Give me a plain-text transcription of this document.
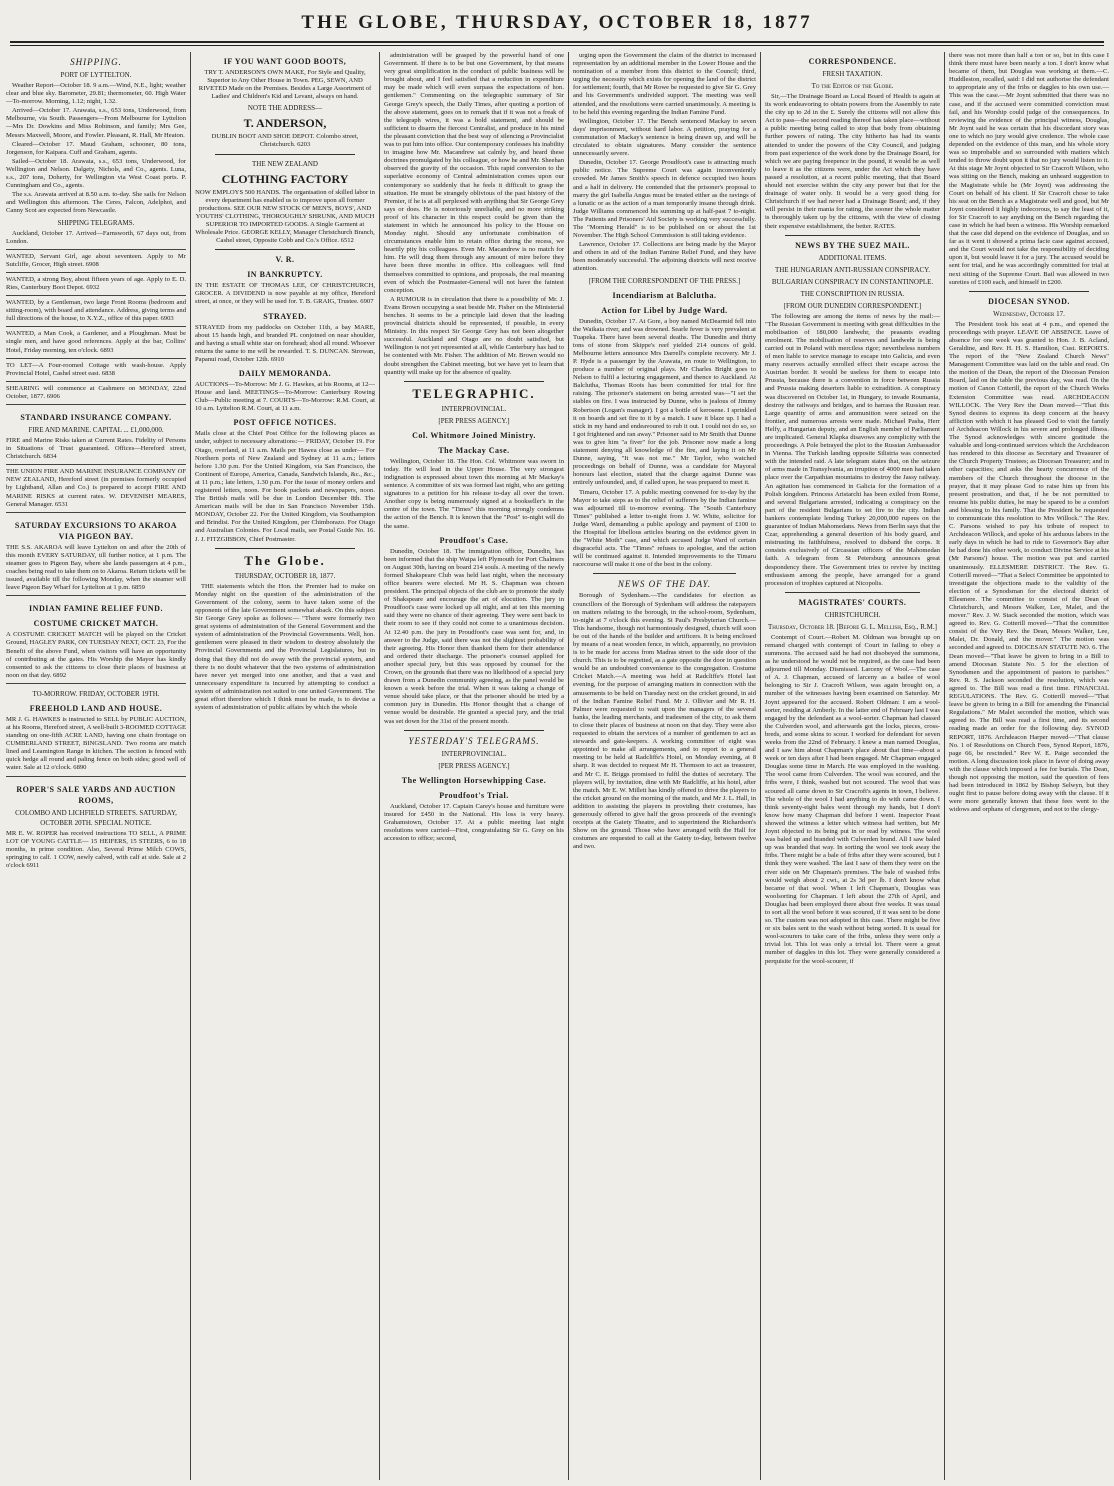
THE GLOBE, THURSDAY, OCTOBER 18, 1877
SHIPPING.
PORT OF LYTTELTON.

Weather Report—October 18. 9 a.m.—Wind, N.E., light; weather clear and blue sky. Barometer, 29.81; thermometer, 60. High Water—To-morrow. Morning, 1.12; night, 1.32.

Arrived—October 17. Arawata, s.s., 653 tons, Underwood, from Melbourne, via South. Passengers—From Melbourne for Lyttelton—Mrs Dr. Dowkins and Miss Robinson, and family; Mrs Gee, Messrs Maxwell, Moore, and Fowler. Pleasant, R. Hall, Mr Heaton.

Cleared—October 17. Maud Graham, schooner, 80 tons, Jorgenson, for Kaipara. Cuff and Graham, agents.

Sailed—October 18. Arawata, s.s., 653 tons, Underwood, for Wellington and Nelson. Dalgety, Nichols, and Co., agents. Luna, s.s., 207 tons, Doherty, for Wellington via West Coast ports. P. Cunningham and Co., agents.

The s.s. Arawata arrived at 8.50 a.m. to-day. She sails for Nelson and Wellington this afternoon. The Ceres, Falcon, Adelphoi, and Canny Scot are expected from Newcastle.

SHIPPING TELEGRAMS.

Auckland, October 17. Arrived—Farnsworth, 67 days out, from London.

WANTED, Servant Girl, age about seventeen. Apply to Mr Sutcliffe, Grocer, High street. 6908

WANTED, a strong Boy, about fifteen years of age. Apply to E. D. Ries, Canterbury Boot Depot. 6932

WANTED, by a Gentleman, two large Front Rooms (bedroom and sitting-room), with board and attendance. Address, giving terms and full directions of the house, to X.Y.Z., office of this paper. 6903

WANTED, a Man Cook, a Gardener, and a Ploughman. Must be single men, and have good references. Apply at the bar, Collins' Hotel, Friday morning, ten o'clock. 6893

TO LET—A Four-roomed Cottage with wash-house. Apply Provincial Hotel, Cashel street east. 6838

SHEARING will commence at Cashmere on MONDAY, 22nd October, 1877. 6906

STANDARD INSURANCE COMPANY.
FIRE AND MARINE. CAPITAL ... £1,000,000.

FIRE and Marine Risks taken at Current Rates. Fidelity of Persons in Situations of Trust guaranteed. Offices—Hereford street, Christchurch. 6834

THE UNION FIRE AND MARINE INSURANCE COMPANY OF NEW ZEALAND, Hereford street (in premises formerly occupied by Lightband, Allan and Co.) is prepared to accept FIRE AND MARINE RISKS at current rates. W. DEVENISH MEARES, General Manager. 6531

SATURDAY EXCURSIONS TO AKAROA VIA PIGEON BAY.

THE S.S. AKAROA will leave Lyttelton on and after the 20th of this month EVERY SATURDAY, till further notice, at 1 p.m. The steamer goes to Pigeon Bay, where she lands passengers at 4 p.m., coaches being read to take them on to Akaroa. Return tickets will be issued, available till the following Monday, when the steamer will leave Pigeon Bay Wharf for Lyttelton at 1 p.m. 6859

INDIAN FAMINE RELIEF FUND.
COSTUME CRICKET MATCH.

A COSTUME CRICKET MATCH will be played on the Cricket Ground, HAGLEY PARK, ON TUESDAY NEXT, OCT. 23, For the Benefit of the above Fund, when visitors will have an opportunity of contributing at the gates. His Worship the Mayor has kindly consented to ask the citizens to close their places of business at noon on that day. 6892

TO-MORROW. FRIDAY, OCTOBER 19TH.
FREEHOLD LAND AND HOUSE.

MR J. G. HAWKES is instructed to SELL by PUBLIC AUCTION, at his Rooms, Hereford street, A well-built 3-ROOMED COTTAGE standing on one-fifth ACRE LAND, having one chain frontage on CUMBERLAND STREET, BINGSLAND. Two rooms are match lined and Leamington Range in kitchen. The section is fenced with quick hedge all round and paling fence on both sides; good well of water. Sale at 12 o'clock. 6890

ROPER'S SALE YARDS AND AUCTION ROOMS,
COLOMBO AND LICHFIELD STREETS. SATURDAY, OCTOBER 20TH. SPECIAL NOTICE.

MR E. W. ROPER has received instructions TO SELL, A PRIME LOT OF YOUNG CATTLE— 15 HEIFERS, 15 STEERS, 6 to 18 months, in prime condition. Also, Several Prime Milch COWS, springing to calf. 1 COW, newly calved, with calf at side. Sale at 2 o'clock 6911

IF YOU WANT GOOD BOOTS,

TRY T. ANDERSON'S OWN MAKE, For Style and Quality, Superior to Any Other House in Town. PEG, SEWN, AND RIVETED Made on the Premises. Besides a Large Assortment of Ladies' and Children's Kid and Levant, always on hand.

NOTE THE ADDRESS—
T. ANDERSON,

DUBLIN BOOT AND SHOE DEPOT. Colombo street, Christchurch. 6203

THE NEW ZEALAND
CLOTHING FACTORY

NOW EMPLOYS 500 HANDS. The organisation of skilled labor in every department has enabled us to improve upon all former productions. SEE OUR NEW STOCK OF MEN'S, BOYS', AND YOUTHS' CLOTHING, THOROUGHLY SHRUNK, AND MUCH SUPERIOR TO IMPORTED GOODS. A Single Garment at Wholesale Price. GEORGE KELLY, Manager Christchurch Branch, Cashel street, Opposite Cobb and Co.'s Office. 6512

V. R.
IN BANKRUPTCY.

IN THE ESTATE OF THOMAS LEE, OF CHRISTCHURCH, GROCER. A DIVIDEND is now payable at my office, Hereford street, at once, or they will be used for. T. B. GRAIG, Trustee. 6907

STRAYED.

STRAYED from my paddocks on October 11th, a bay MARE, about 15 hands high, and branded PL conjoined on near shoulder, and having a small white star on forehead; shod all round. Whoever returns the same to me will be rewarded. T. S. DUNCAN. Strowan, Papanui road, October 12th. 6910

DAILY MEMORANDA.

AUCTIONS—To-Morrow: Mr J. G. Hawkes, at his Rooms, at 12—House and land. MEETINGS—To-Morrow: Canterbury Rowing Club—Public meeting at 7. COURTS—To-Morrow: R.M. Court, at 10 a.m. Lyttelton R.M. Court, at 11 a.m.

POST OFFICE NOTICES.

Mails close at the Chief Post Office for the following places as under, subject to necessary alterations:— FRIDAY, October 19. For Otago, overland, at 11 a.m. Mails per Hawea close as under— For Northern ports of New Zealand and Sydney at 11 a.m.; letters before 1.30 p.m. For the United Kingdom, via San Francisco, the Continent of Europe, America, Canada, Sandwich Islands, &c., &c., at 11 p.m.; late letters, 1.30 p.m. For the issue of money orders and registered letters, noon. For book packets and newspapers, noon. The British mails will be due in London December 8th. The American mails will be due in San Francisco November 15th. MONDAY, October 22. For the United Kingdom, via Southampton and Brindisi. For the United Kingdom, per Chimborazo. For Otago and Australian Colonies. For Local mails, see Postal Guide No. 16. J. J. FITZGIBBON, Chief Postmaster.

The Globe.
THURSDAY, OCTOBER 18, 1877.

THE statements which the Hon. the Premier had to make on Monday night on the question of the administration of the Government of the colony, seem to have taken some of the opponents of the late Government somewhat aback. On this subject Sir George Grey spoke as follows:— "There were formerly two great systems of administration of the General Government and the system of administration of the Provincial Governments. Well, hon. gentlemen were pleased in their wisdom to destroy absolutely the Provincial Governments and the Provincial Legislatures, but in doing that they did not do away with the provincial system, and there is no doubt whatever that the two systems of administration have never yet merged into one another, and that a vast and unnecessary expenditure is incurred by attempting to conduct a system of administration not suited to one united Government. The great effort therefore which I think must be made, is to devise a system of administration of public affairs by which the whole

administration will be grasped by the powerful hand of one Government. If there is to be but one Government, by that means very great simplification in the conduct of public business will be brought about, and I feel satisfied that a reduction in expenditure may be made which will even surpass the expectations of hon. gentlemen." Commenting on the telegraphic summary of Sir George Grey's speech, the Daily Times, after quoting a portion of the above statement, goes on to remark that if it was not a freak of the telegraph wires, it was a bold statement, and should be sufficient to disarm the fiercest Centralist, and produce in his mind the pleasant conviction that the best way of silencing a Provincialist was to put him into office. Our contemporary confesses his inability to imagine how Mr. Macandrew sat calmly by, and heard these doctrines promulgated by his colleague, or how he and Mr. Sheehan observed the gravity of the occasion. This rapid conversion to the superlative economy of Central administration comes upon our contemporary so suddenly that he feels it difficult to grasp the situation. He must be strangely oblivious of the past history of the Premier, if he is at all perplexed with anything that Sir George Grey says or does. He is notoriously unreliable, and no more striking proof of his character in this respect could be given than the statement in which he announced his policy to the House on Monday night. Should any unfortunate combination of circumstances enable him to retain office during the recess, we heartily pity his colleagues. Even Mr. Macandrew is no match for him. He will drag them through any amount of mire before they have been three months in office. His colleagues will find themselves committed to opinions, and proposals, the real meaning even of which the Postmaster-General will not have the faintest conception.

A RUMOUR is in circulation that there is a possibility of Mr. J. Evans Brown occupying a seat beside Mr. Fisher on the Ministerial benches. It seems to be a principle laid down that the leading provincial districts should be represented, if possible, in every Ministry. In this respect Sir George Grey has not been altogether successful. Auckland and Otago are no doubt satisfied, but Wellington is not yet represented at all, while Canterbury has had to be contented with Mr. Fisher. The addition of Mr. Brown would no doubt strengthen the Cabinet meeting, but we have yet to learn that quantity will make up for the absence of quality.

TELEGRAPHIC.
INTERPROVINCIAL.
[PER PRESS AGENCY.]
Col. Whitmore Joined Ministry.
The Mackay Case.

Wellington, October 18. The Hon. Col. Whitmore was sworn in today. He will lead in the Upper House. The very strongest indignation is expressed about town this morning at Mr Mackay's sentence. A committee of six was formed last night, who are getting signatures to a petition for his release to-day all over the town. Another copy is being numerously signed at a bookseller's in the centre of the town. The "Times" this morning strongly condemns the action of the Bench. It is known that the "Post" to-night will do the same.

Proudfoot's Case.

Dunedin, October 18. The immigration officer, Dunedin, has been informed that the ship Waipa left Plymouth for Port Chalmers on August 30th, having on board 214 souls. A meeting of the newly formed Shakspeare Club was held last night, when the necessary office bearers were elected. Mr H. S. Chapman was chosen president. The principal objects of the club are to promote the study of Shakspeare and encourage the art of elocution. The jury in Proudfoot's case were locked up all night, and at ten this morning said they were no chance of their agreeing. They were sent back to their room to see if they could not come to a unanimous decision. At 12.40 p.m. the jury in Proudfoot's case was sent for, and, in answer to the Judge, said there was not the slightest probability of their agreeing. His Honor then thanked them for their attendance and ordered their discharge. The prisoner's counsel applied for another special jury, but this was opposed by counsel for the Crown, on the grounds that there was no likelihood of a special jury drawn from a Dunedin community agreeing, as the panel would be known a week before the trial. When it was taking a change of venue should take place, or that the prisoner should be tried by a common jury in Dunedin. His Honor thought that a change of venue would be desirable. He granted a special jury, and the trial was set down for the 31st of the present month.

YESTERDAY'S TELEGRAMS.
INTERPROVINCIAL.
[PER PRESS AGENCY.]
The Wellington Horsewhipping Case.
Proudfoot's Trial.

Auckland, October 17. Captain Carey's house and furniture were insured for £450 in the National. His loss is very heavy. Grahamstown, October 17. At a public meeting last night resolutions were carried—First, congratulating Sir G. Grey on his accession to office; second,

urging upon the Government the claim of the district to increased representation by an additional member in the Lower House and the nomination of a member from this district to the Council; third, urging the necessity which exists for opening the land of the district for settlement; fourth, that Mr Rowe be requested to give Sir G. Grey and his Government's undivided support. The meeting was well attended, and the resolutions were carried unanimously. A meeting is to be held this evening regarding the Indian Famine Fund.

Wellington, October 17. The Bench sentenced Mackay to seven days' imprisonment, without hard labor. A petition, praying for a commutation of Mackay's sentence is being drawn up, and will be circulated to obtain signatures. Many consider the sentence unnecessarily severe.

Dunedin, October 17. George Proudfoot's case is attracting much public notice. The Supreme Court was again inconveniently crowded. Mr James Smith's speech in defence occupied two hours and a half in delivery. He contended that the prisoner's proposal to marry the girl Isabella Angus must be treated either as the ravings of a lunatic or as the action of a man temporarily insane through drink. Judge Williams commenced his summing up at half-past 7 to-night. The Patients and Prisoners' Aid Society is working very successfully. The "Morning Herald" is to be published on or about the 1st November. The High School Commission is still taking evidence.

Lawrence, October 17. Collections are being made by the Mayor and others in aid of the Indian Famine Relief Fund, and they have been moderately successful. The adjoining districts will next receive attention.

[FROM THE CORRESPONDENT OF THE PRESS.]
Incendiarism at Balclutha.
Action for Libel by Judge Ward.

Dunedin, October 17. At Gore, a boy named McDearmid fell into the Waikaia river, and was drowned. Searle fever is very prevalent at Tuapeka. There have been several deaths. The Dunedin and thirty tons of stone from Skippe's reef yielded 214 ounces of gold. Melbourne letters announce Mrs Darrell's complete recovery. Mr J. P. Hyde is a passenger by the Arawata, en route to Wellington, to produce a number of original plays. Mr Charles Bright goes to Nelson to fulfil a lecturing engagement, and thence to Auckland. At Balclutha, Thomas Roots has been committed for trial for fire raising. The prisoner's statement on being arrested was—"I set the stables on fire. I was instructed by Dunne, who is jealous of Jimmy Robertson (Logan's manager). I got a bottle of kerosene. I sprinkled it on boards and set fire to it by a match. I saw it blaze up. I had a stick in my hand and endeavoured to rub it out. I could not do so, so I got frightened and ran away." Prisoner said to Mr Smith that Dunne was to give him "a fiver" for the job. Prisoner now made a long statement denying all knowledge of the fire, and laying it on Mr Dunne, saying, "It was not me." Mr Taylor, who watched proceedings on behalf of Dunne, was a candidate for Mayoral honours last election, stated that the charge against Dunne was entirely unfounded, and, if called upon, he was prepared to meet it.

Timaru, October 17. A public meeting convened for to-day by the Mayor to take steps as to the relief of sufferers by the Indian famine was adjourned till to-morrow evening. The "South Canterbury Times" published a letter to-night from J. W. White, solicitor for Judge Ward, demanding a public apology and payment of £100 to the Hospital for libellous articles bearing on the evidence given in the "White Moth" case, and which accused Judge Ward of certain disgraceful acts. The "Times" refuses to apologise, and the action will be continued against it. Intended improvements to the Timaru racecourse will make it one of the best in the colony.

NEWS OF THE DAY.

Borough of Sydenham.—The candidates for election as councillors of the Borough of Sydenham will address the ratepayers on matters relating to the borough, in the school-room, Sydenham, to-night at 7 o'clock this evening. St Paul's Presbyterian Church.—This handsome, though not harmoniously designed, church will soon be out of the hands of the builder and artificers. It is being enclosed by means of a neat wooden fence, in which, apparently, no provision is to be made for access from Madras street to the side door of the church. This is to be regretted, as a gate opposite the door in question would be an undoubted convenience to the congregation. Costume Cricket Match.—A meeting was held at Radcliffe's Hotel last evening, for the purpose of arranging matters in connection with the amusements to be held on Tuesday next on the cricket ground, in aid of the Indian Famine Relief Fund. Mr J. Ollivier and Mr R. H. Palmer were requested to wait upon the managers of the several banks, the leading merchants, and tradesmen of the city, to ask them to close their places of business at noon on that day. They were also requested to obtain the services of a number of gentlemen to act as stewards and gate-keepers. A working committee of eight was appointed to make all arrangements, and to report to a general meeting to be held at Radcliffe's Hotel, on Monday evening, at 8 sharp. It was decided to request Mr H. Thomson to act as treasurer, and Mr C. E. Briggs promised to fulfil the duties of secretary. The players will, by invitation, dine with Mr Radcliffe, at his hotel, after the match. Mr E. W. Millett has kindly offered to drive the players to the cricket ground on the morning of the match, and Mr J. L. Hall, in addition to assisting the players in providing their costumes, has generously offered to give half the gross proceeds of the evening's receipts at the Gaiety Theatre, and to superintend the Richardson's Show on the ground. Those who have arranged with the Hall for costumes are requested to call at the Gaiety to-day, between twelve and two.

CORRESPONDENCE.
FRESH TAXATION.
To the Editor of the Globe.

Sir,—The Drainage Board as Local Board of Health is again at its work endeavoring to obtain powers from the Assembly to rate the city up to 2d in the £. Surely the citizens will not allow this Act to pass—the second reading thereof has taken place—without a public meeting being called to stop that body from obtaining further powers of rating. The city hitherto has had its wants attended to under the powers of the City Council, and judging from past experience of the work done by the Drainage Board, for which we are paying freepence in the pound, it would be as well to leave it as the citizens were, under the Act which they have passed a resolution, at a recent public meeting, that that Board should not exercise within the city any power but that for the drainage of water only. It would be a very good thing for Christchurch if we had never had a Drainage Board; and, if they will persist in their mania for rating, the sooner the whole matter is thoroughly taken up by the citizens, with the view of closing their expensive establishment, the better. RATES.

NEWS BY THE SUEZ MAIL.
ADDITIONAL ITEMS.
THE HUNGARIAN ANTI-RUSSIAN CONSPIRACY.
BULGARIAN CONSPIRACY IN CONSTANTINOPLE.
THE CONSCRIPTION IN RUSSIA.
[FROM OUR DUNEDIN CORRESPONDENT.]

The following are among the items of news by the mail:— "The Russian Government is meeting with great difficulties in the mobilisation of 180,000 landwehr, the peasants evading enrolment. The mobilisation of reserves and landwehr is being carried out in Poland with merciless rigor; nevertheless numbers of men liable to service manage to escape into Galicia, and even many reserves actually enrolled effect their escape across the Austrian border. It would be useless for them to escape into Prussia, because there is a convention in force between Russia and Prussia making deserters liable to extradition. A conspiracy was discovered on October 1st, in Hungary, to invade Roumania, destroy the railways and bridges, and to harrass the Russian rear. Large quantity of arms and ammunition were seized on the frontier, and numerous arrests were made. Michael Pasha, Herr Helfy, a Hungarian deputy, and an English member of Parliament are implicated. General Klapka disavows any complicity with the proceedings. A Pole betrayed the plot to the Russian Ambassador in Vienna. The Turkish landing opposite Silistria was connected with the intended raid. A late telegram states that, on the seizure of arms made in Transylvania, an irruption of 4000 men had taken place over the Carpathian mountains to destroy the Jassy railway. An agitation has commenced in Galicia for the formation of a Polish kingdom. Princess Aristarchi has been exiled from Rome, and several Bulgarians arrested, indicating a conspiracy on the part of the resident Bulgarians to set fire to the city. Indian bankers contemplate lending Turkey 20,000,000 rupees on the guarantee of Indian Mahomedans. News from Berlin says that the Czar, apprehending a general desertion of his body guard, and mistrusting its faithfulness, resolved to disband the corps. It consists exclusively of Circassian officers of the Mahomedan faith. A telegram from St Petersburg announces great despondency there. The Government tries to revive by inciting enthusiasm among the people, have arranged for a grand procession of trophies captured at Nicopolis.

MAGISTRATES' COURTS.
CHRISTCHURCH.
Thursday, October 18. [Before G. L. Mellish, Esq., R.M.]

Contempt of Court.—Robert M. Oldman was brought up on remand charged with contempt of Court in failing to obey a summons. The accused said he had not disobeyed the summons, as he understood he would not be required, as the case had been adjourned till Monday. Dismissed. Larceny of Wool.—The case of A. J. Chapman, accused of larceny as a bailee of wool belonging to Sir J. Cracroft Wilson, was again brought on, a number of the witnesses having been examined on Saturday. Mr Joynt appeared for the accused. Robert Oldman: I am a wool-sorter, residing at Amberly. In the latter end of February last I was engaged by the defendant as a wool-sorter. Chapman had classed the Culverden wool, and afterwards got the locks, pieces, cross-breds, and some skins to scour. I worked for defendant for seven weeks from the 22nd of February. I knew a man named Douglas, and I saw him about Chapman's place about that time—about a week or ten days after I had been engaged. Mr Chapman engaged Douglas some time in March. He was employed in the washing. The wool came from Culverden. The wool was scoured, and the fribs were, I think, washed but not scoured. The wool that was scoured all came down to Sir Cracroft's agents in town, I believe. The whole of the wool I had anything to do with came down. I think seventy-eight bales went through my hands, but I don't know how many Chapman did before I went. Inspector Feast showed the witness a letter which witness had written, but Mr Joynt objected to its being put in or read by witness. The wool was baled up and branded with Culverden brand. All I saw baled up was branded that way. In sorting the wool we took away the fribs. There might be a bale of fribs after they were scoured, but I think they were washed. The last I saw of them they were on the river side on Mr Chapman's premises. The bale of washed fribs would weigh about 2 cwt., at 2s 3d per lb. I don't know what became of that wool. When I left Chapman's, Douglas was woolsorting for Chapman. I left about the 27th of April, and Douglas had been employed there about five weeks. It was usual to sort all the wool before it was scoured, if it was sent to be done so. The custom was not adopted in this case. There might be five or six bales sent to the wash without being sorted. It is usual for wool-scourers to take care of the fribs, unless they were only a trivial lot. This lot was only a trivial lot. There were a great number of daggles in this lot. They were generally considered a perquisite for the wool-scourer, if

there was not more than half a ton or so, but in this case I think there must have been nearly a ton. I don't know what became of them, but Douglas was working at them.—C. Huddleston, recalled, said: I did not authorise the defendant to appropriate any of the fribs or daggles to his own use.—This was the case.—Mr Joynt submitted that there was no case, and if the accused were committed conviction must fail, and his Worship could judge of the consequences. In reviewing the evidence of the principal witness, Douglas, Mr Joynt said he was certain that his discordant story was one to which no jury would give credence. The whole case depended on the evidence of this man, and his whole story was so improbable and so surrounded with matters which tended to throw doubt upon it that no jury would listen to it. At this stage Mr Joynt objected to Sir Cracroft Wilson, who was sitting on the Bench, making an unheard suggestion to the Magistrate while he (Mr Joynt) was addressing the Court on behalf of his client. If Sir Cracroft chose to take his seat on the Bench as a Magistrate well and good, but Mr Joynt considered it highly indecorous, to say the least of it, for Sir Cracroft to say anything on the Bench regarding the case in which he had been a witness. His Worship remarked that the case did depend on the evidence of Douglas, and so far as it went it showed a prima facie case against accused, and the Court would not take the responsibility of deciding upon it, but would leave it for a jury. The accused would be sent for trial, and he was accordingly committed for trial at next sitting of the Supreme Court. Bail was allowed in two sureties of £100 each, and himself in £200.

DIOCESAN SYNOD.
Wednesday, October 17.

The President took his seat at 4 p.m., and opened the proceedings with prayer. LEAVE OF ABSENCE. Leave of absence for one week was granted to Hon. J. B. Acland, Geraldine, and Rev. H. H. S. Hamilton, Cust. REPORTS. The report of the "New Zealand Church News" Management Committee was laid on the table and read. On the motion of the Dean, the report of the Diocesan Pension Board, laid on the table the previous day, was read. On the motion of Canon Cotterill, the report of the Church Works Extension Committee was read. ARCHDEACON WILLOCK. The Very Rev the Dean moved—"That this Synod desires to express its deep concern at the heavy affliction with which it has pleased God to visit the family of Archdeacon Willock in his severe and prolonged illness. The Synod acknowledges with sincere gratitude the valuable and long-continued services which the Archdeacon has rendered to this diocese as Secretary and Treasurer of the Church Property Trustees; as Diocesan Treasurer; and in other capacities; and asks the hearty concurrence of the members of the Church throughout the diocese in the prayer, that it may please God to raise him up from his present prostration, and that, if he be not permitted to resume his public duties, he may be spared to be a comfort and blessing to his family. That the President be requested to communicate this resolution to Mrs Willock." The Rev. C. Parsons wished to pay his tribute of respect to Archdeacon Willock, and spoke of his arduous labors in the early days in which he had to ride to Governor's Bay after he had done his other work, to conduct Divine Service at his (Mr Parsons') house. The motion was put and carried unanimously. ELLESMERE DISTRICT. The Rev. G. Cotterill moved—"That a Select Committee be appointed to investigate the objections made to the validity of the election of a Synodsman for the electoral district of Ellesmere. The committee to consist of the Dean of Christchurch, and Messrs Walker, Lee, Malet, and the mover." Rev. J. W. Stack seconded the motion, which was agreed to. Rev. G. Cotterill moved—"That the committee consist of the Very Rev. the Dean, Messrs Walker, Lee, Malet, Dr. Donald, and the mover." The motion was seconded and agreed to. DIOCESAN STATUTE NO. 6. The Dean moved—"That leave be given to bring in a Bill to amend Diocesan Statute No. 5 for the election of Synodsmen and the appointment of pastors to parishes." Rev. R. S. Jackson seconded the resolution, which was agreed to. The Bill was read a first time. FINANCIAL REGULATIONS. The Rev. G. Cotterill moved—"That leave be given to bring in a Bill for amending the Financial Regulations." Mr Malet seconded the motion, which was agreed to. The Bill was read a first time, and its second reading made an order for the following day. SYNOD REPORT, 1876. Archdeacon Harper moved—"That clause No. 1 of Resolutions on Church Fees, Synod Report, 1876, page 66, be rescinded." Rev W. E. Paige seconded the motion. A long discussion took place in favor of doing away with the clause which imposed a fee for burials. The Dean, though not opposing the motion, said the question of fees had been introduced in 1862 by Bishop Selwyn, but they ought first to pause before doing away with the clause. If it were more generally known that these fees went to the widows and orphans of clergymen, and not to the clergy-
